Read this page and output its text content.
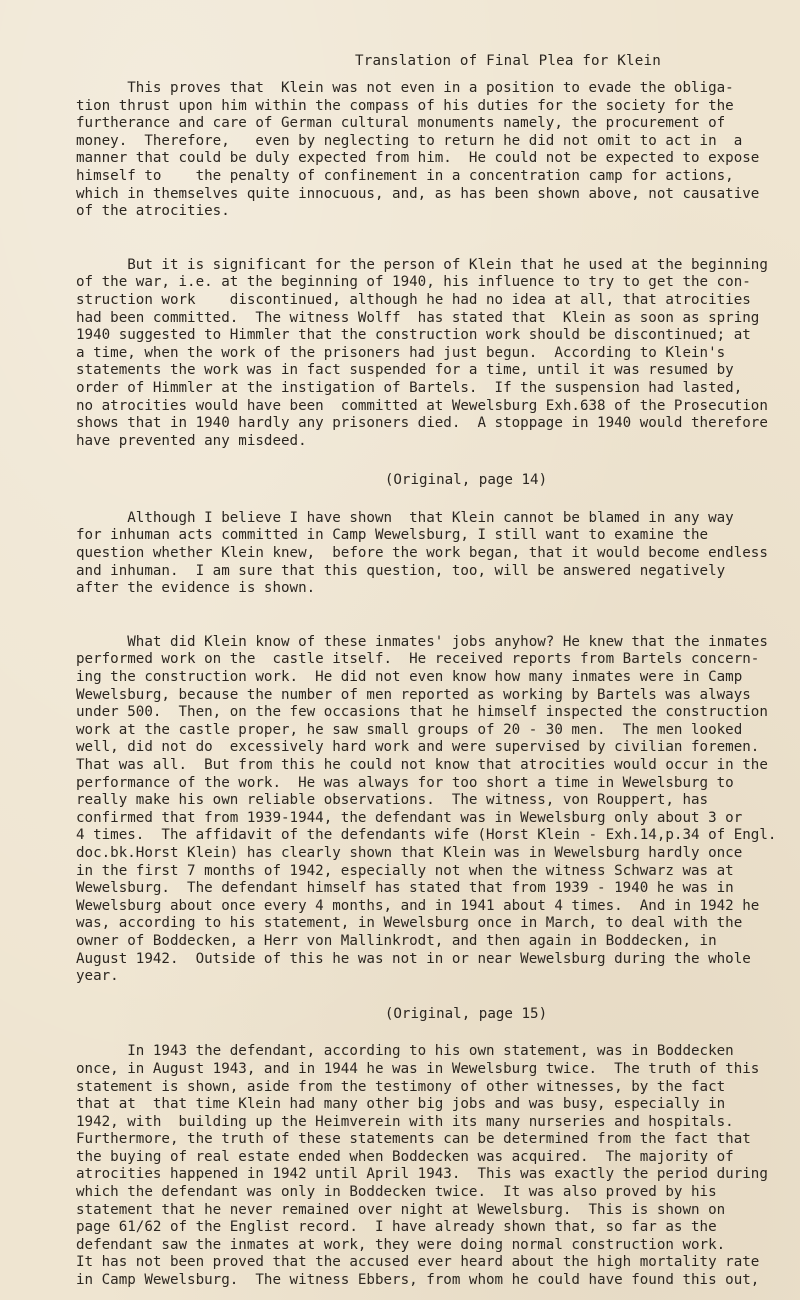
Translation of Final Plea for Klein

This proves that  Klein was not even in a position to evade the obliga-
tion thrust upon him within the compass of his duties for the society for the
furtherance and care of German cultural monuments namely, the procurement of
money.  Therefore,   even by neglecting to return he did not omit to act in  a
manner that could be duly expected from him.  He could not be expected to expose
himself to    the penalty of confinement in a concentration camp for actions,
which in themselves quite innocuous, and, as has been shown above, not causative
of the atrocities.

But it is significant for the person of Klein that he used at the beginning
of the war, i.e. at the beginning of 1940, his influence to try to get the con-
struction work    discontinued, although he had no idea at all, that atrocities
had been committed.  The witness Wolff  has stated that  Klein as soon as spring
1940 suggested to Himmler that the construction work should be discontinued; at
a time, when the work of the prisoners had just begun.  According to Klein's
statements the work was in fact suspended for a time, until it was resumed by
order of Himmler at the instigation of Bartels.  If the suspension had lasted,
no atrocities would have been  committed at Wewelsburg Exh.638 of the Prosecution
shows that in 1940 hardly any prisoners died.  A stoppage in 1940 would therefore
have prevented any misdeed.

(Original, page 14)

Although I believe I have shown  that Klein cannot be blamed in any way
for inhuman acts committed in Camp Wewelsburg, I still want to examine the
question whether Klein knew,  before the work began, that it would become endless
and inhuman.  I am sure that this question, too, will be answered negatively
after the evidence is shown.

What did Klein know of these inmates' jobs anyhow? He knew that the inmates
performed work on the  castle itself.  He received reports from Bartels concern-
ing the construction work.  He did not even know how many inmates were in Camp
Wewelsburg, because the number of men reported as working by Bartels was always
under 500.  Then, on the few occasions that he himself inspected the construction
work at the castle proper, he saw small groups of 20 - 30 men.  The men looked
well, did not do  excessively hard work and were supervised by civilian foremen.
That was all.  But from this he could not know that atrocities would occur in the
performance of the work.  He was always for too short a time in Wewelsburg to
really make his own reliable observations.  The witness, von Rouppert, has
confirmed that from 1939-1944, the defendant was in Wewelsburg only about 3 or
4 times.  The affidavit of the defendants wife (Horst Klein - Exh.14,p.34 of Engl.
doc.bk.Horst Klein) has clearly shown that Klein was in Wewelsburg hardly once
in the first 7 months of 1942, especially not when the witness Schwarz was at
Wewelsburg.  The defendant himself has stated that from 1939 - 1940 he was in
Wewelsburg about once every 4 months, and in 1941 about 4 times.  And in 1942 he
was, according to his statement, in Wewelsburg once in March, to deal with the
owner of Boddecken, a Herr von Mallinkrodt, and then again in Boddecken, in
August 1942.  Outside of this he was not in or near Wewelsburg during the whole
year.

(Original, page 15)

In 1943 the defendant, according to his own statement, was in Boddecken
once, in August 1943, and in 1944 he was in Wewelsburg twice.  The truth of this
statement is shown, aside from the testimony of other witnesses, by the fact
that at  that time Klein had many other big jobs and was busy, especially in
1942, with  building up the Heimverein with its many nurseries and hospitals.
Furthermore, the truth of these statements can be determined from the fact that
the buying of real estate ended when Boddecken was acquired.  The majority of
atrocities happened in 1942 until April 1943.  This was exactly the period during
which the defendant was only in Boddecken twice.  It was also proved by his
statement that he never remained over night at Wewelsburg.  This is shown on
page 61/62 of the Englist record.  I have already shown that, so far as the
defendant saw the inmates at work, they were doing normal construction work.
It has not been proved that the accused ever heard about the high mortality rate
in Camp Wewelsburg.  The witness Ebbers, from whom he could have found this out,
